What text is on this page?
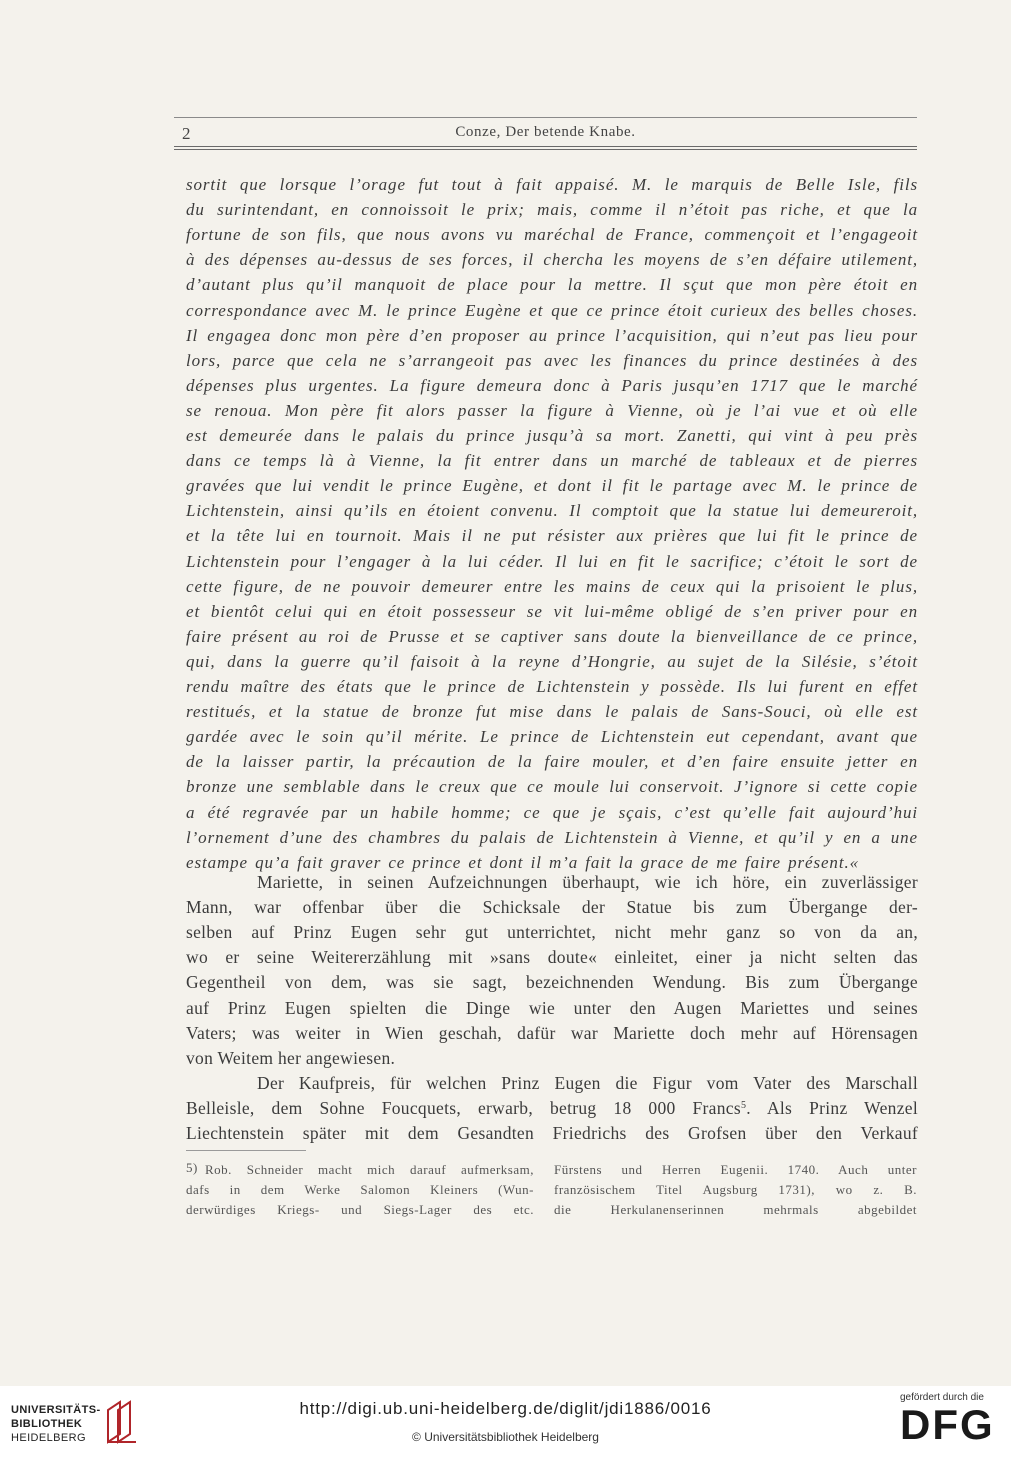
2	Conze, Der betende Knabe.
sortit que lorsque l’orage fut tout à fait appaisé. M. le marquis de Belle Isle, fils
du surintendant, en connoissoit le prix; mais, comme il n’étoit pas riche, et que la
fortune de son fils, que nous avons vu maréchal de France, commençoit et l’engageoit
à des dépenses au-dessus de ses forces, il chercha les moyens de s’en défaire utilement,
d’autant plus qu’il manquoit de place pour la mettre. Il sçut que mon père étoit en
correspondance avec M. le prince Eugène et que ce prince étoit curieux des belles choses.
Il engagea donc mon père d’en proposer au prince l’acquisition, qui n’eut pas lieu pour
lors, parce que cela ne s’arrangeoit pas avec les finances du prince destinées à des
dépenses plus urgentes. La figure demeura donc à Paris jusqu’en 1717 que le marché
se renoua. Mon père fit alors passer la figure à Vienne, où je l’ai vue et où elle
est demeurée dans le palais du prince jusqu’à sa mort. Zanetti, qui vint à peu près
dans ce temps là à Vienne, la fit entrer dans un marché de tableaux et de pierres
gravées que lui vendit le prince Eugène, et dont il fit le partage avec M. le prince de
Lichtenstein, ainsi qu’ils en étoient convenu. Il comptoit que la statue lui demeureroit,
et la tête lui en tournoit. Mais il ne put résister aux prières que lui fit le prince de
Lichtenstein pour l’engager à la lui céder. Il lui en fit le sacrifice; c’étoit le sort de
cette figure, de ne pouvoir demeurer entre les mains de ceux qui la prisoient le plus,
et bientôt celui qui en étoit possesseur se vit lui-même obligé de s’en priver pour en
faire présent au roi de Prusse et se captiver sans doute la bienveillance de ce prince,
qui, dans la guerre qu’il faisoit à la reyne d’Hongrie, au sujet de la Silésie, s’étoit
rendu maître des états que le prince de Lichtenstein y possède. Ils lui furent en effet
restitués, et la statue de bronze fut mise dans le palais de Sans-Souci, où elle est
gardée avec le soin qu’il mérite. Le prince de Lichtenstein eut cependant, avant que
de la laisser partir, la précaution de la faire mouler, et d’en faire ensuite jetter en
bronze une semblable dans le creux que ce moule lui conservoit. J’ignore si cette copie
a été regravée par un habile homme; ce que je sçais, c’est qu’elle fait aujourd’hui
l’ornement d’une des chambres du palais de Lichtenstein à Vienne, et qu’il y en a une
estampe qu’a fait graver ce prince et dont il m’a fait la grace de me faire présent.«
Mariette, in seinen Aufzeichnungen überhaupt, wie ich höre, ein zuverlässiger
Mann, war offenbar über die Schicksale der Statue bis zum Übergange der-
selben auf Prinz Eugen sehr gut unterrichtet, nicht mehr ganz so von da an,
wo er seine Weitererzählung mit »sans doute« einleitet, einer ja nicht selten das
Gegentheil von dem, was sie sagt, bezeichnenden Wendung. Bis zum Übergange
auf Prinz Eugen spielten die Dinge wie unter den Augen Mariettes und seines
Vaters; was weiter in Wien geschah, dafür war Mariette doch mehr auf Hörensagen
von Weitem her angewiesen.
Der Kaufpreis, für welchen Prinz Eugen die Figur vom Vater des Marschall
Belleisle, dem Sohne Foucquets, erwarb, betrug 18 000 Francs$^5$. Als Prinz Wenzel
Liechtenstein später mit dem Gesandten Friedrichs des Grofsen über den Verkauf
Rob. Schneider macht mich darauf aufmerksam,
dafs in dem Werke Salomon Kleiners (Wun-
derwürdiges Kriegs- und Siegs-Lager des etc.
5)	Fürstens und Herren Eugenii. 1740. Auch unter
französischem Titel Augsburg 1731), wo z. B.
die Herkulanenserinnen mehrmals abgebildet
UNIVERSITÄTS-
BIBLIOTHEK
HEIDELBERG
http://digi.ub.uni-heidelberg.de/diglit/jdi1886/0016
© Universitätsbibliothek Heidelberg
gefördert durch die
DFG
